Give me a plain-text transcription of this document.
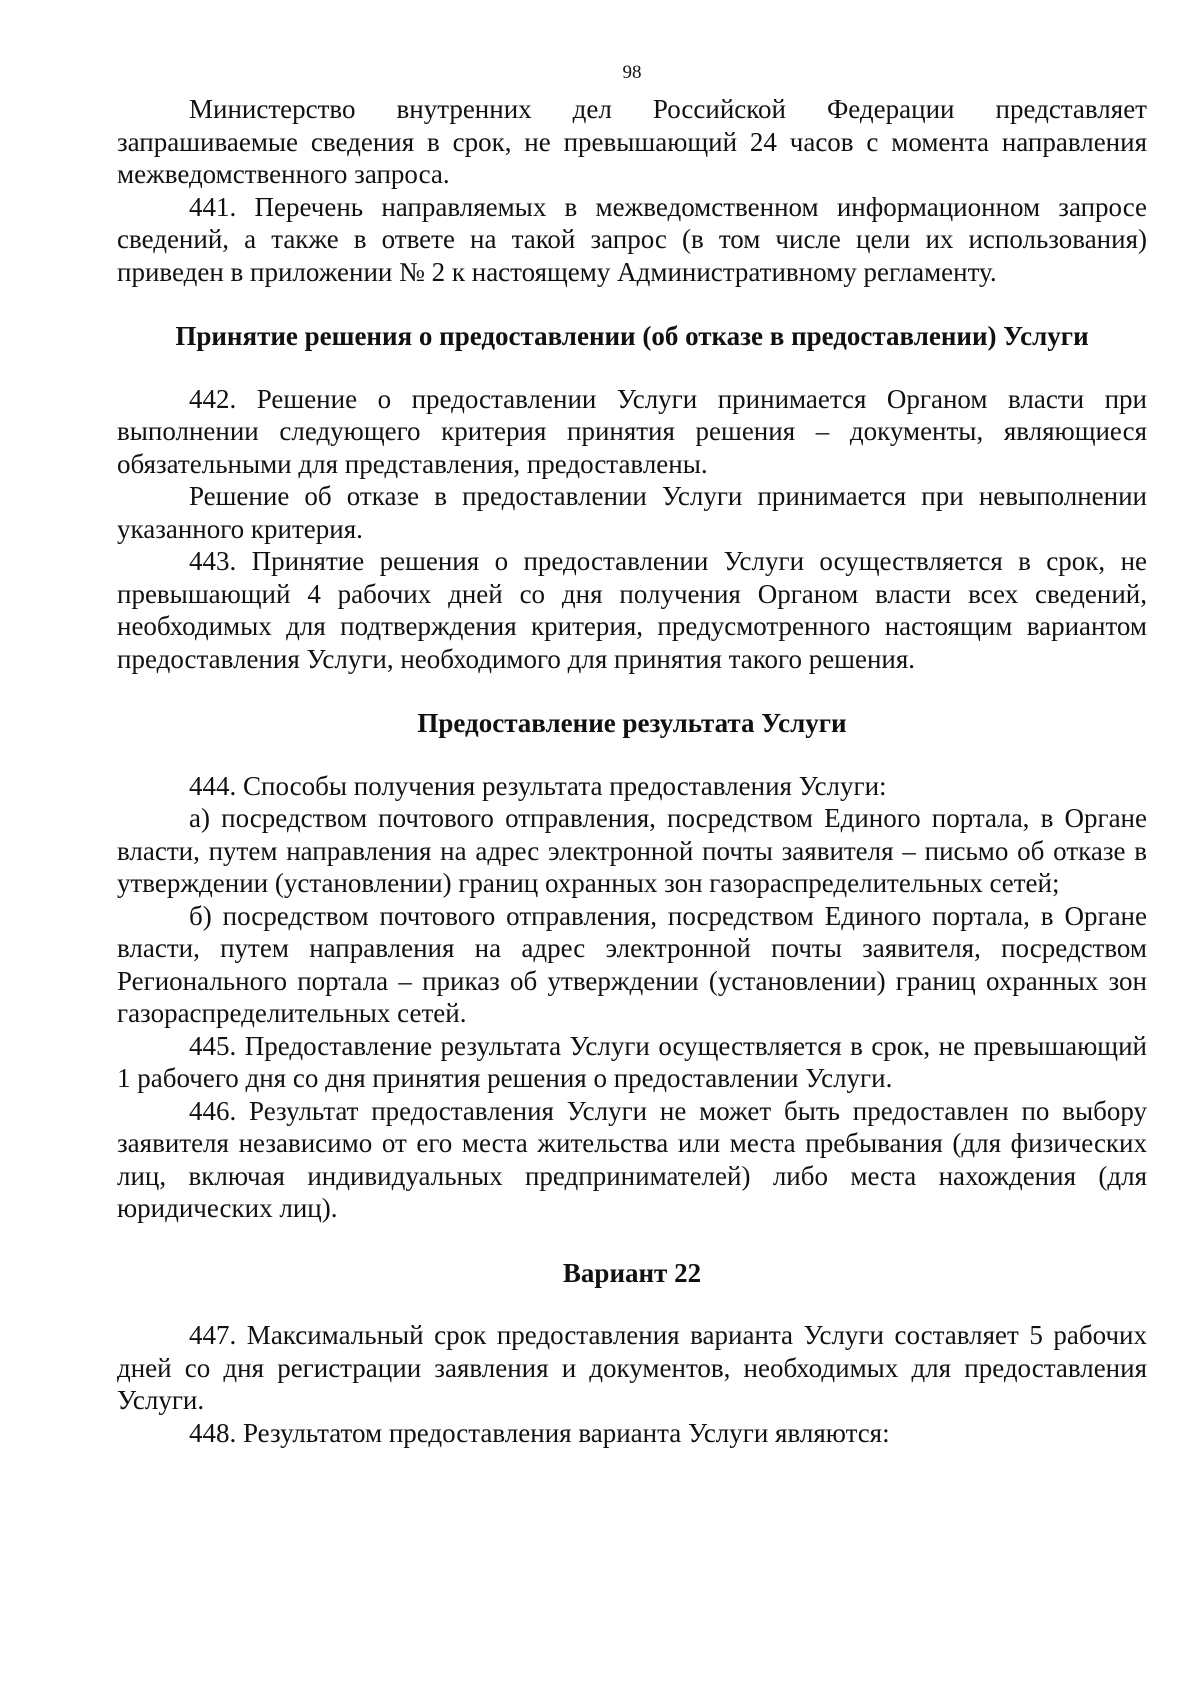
98

Министерство внутренних дел Российской Федерации представляет запрашиваемые сведения в срок, не превышающий 24 часов с момента направления межведомственного запроса.

441. Перечень направляемых в межведомственном информационном запросе сведений, а также в ответе на такой запрос (в том числе цели их использования) приведен в приложении № 2 к настоящему Административному регламенту.

Принятие решения о предоставлении (об отказе в предоставлении) Услуги

442. Решение о предоставлении Услуги принимается Органом власти при выполнении следующего критерия принятия решения – документы, являющиеся обязательными для представления, предоставлены.

Решение об отказе в предоставлении Услуги принимается при невыполнении указанного критерия.

443. Принятие решения о предоставлении Услуги осуществляется в срок, не превышающий 4 рабочих дней со дня получения Органом власти всех сведений, необходимых для подтверждения критерия, предусмотренного настоящим вариантом предоставления Услуги, необходимого для принятия такого решения.

Предоставление результата Услуги

444. Способы получения результата предоставления Услуги:

а) посредством почтового отправления, посредством Единого портала, в Органе власти, путем направления на адрес электронной почты заявителя – письмо об отказе в утверждении (установлении) границ охранных зон газораспределительных сетей;

б) посредством почтового отправления, посредством Единого портала, в Органе власти, путем направления на адрес электронной почты заявителя, посредством Регионального портала – приказ об утверждении (установлении) границ охранных зон газораспределительных сетей.

445. Предоставление результата Услуги осуществляется в срок, не превышающий 1 рабочего дня со дня принятия решения о предоставлении Услуги.

446. Результат предоставления Услуги не может быть предоставлен по выбору заявителя независимо от его места жительства или места пребывания (для физических лиц, включая индивидуальных предпринимателей) либо места нахождения (для юридических лиц).

Вариант 22

447. Максимальный срок предоставления варианта Услуги составляет 5 рабочих дней со дня регистрации заявления и документов, необходимых для предоставления Услуги.

448. Результатом предоставления варианта Услуги являются:
